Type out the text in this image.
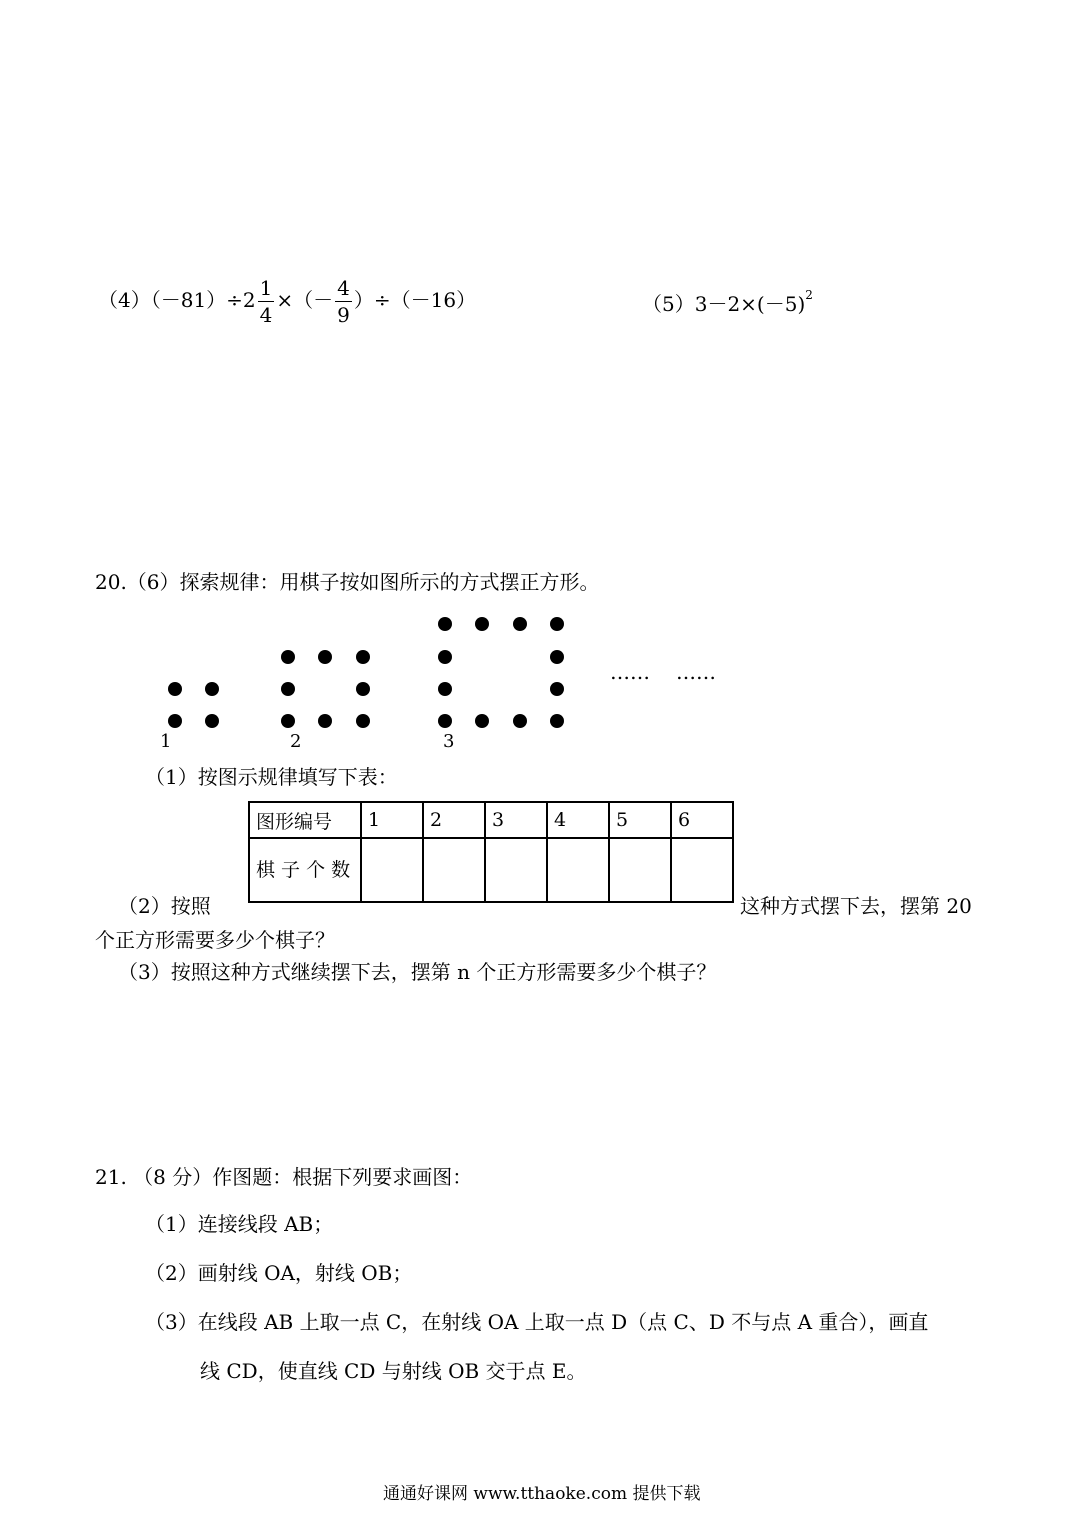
$(4)(-81)\div 2 \frac{1}{4}$ ×（－ $\frac{4}{9} )\div(-16)$	$(5)3-2\times(-5)^2$
20.（6）探索规律：用棋子按如图所示的方式摆正方形。
1	2	3
…… ……
（1）按图示规律填写下表：
图形编号	1	2	3	4	5	6
棋 子 个 数						
（2）按照	这种方式摆下去，摆第 20
个正方形需要多少个棋子？
（3）按照这种方式继续摆下去，摆第 n 个正方形需要多少个棋子？
21. （8 分）作图题：根据下列要求画图：
（1）连接线段 AB；
（2）画射线 OA，射线 OB；
（3）在线段 AB 上取一点 C，在射线 OA 上取一点 D（点 C、D 不与点 A 重合），画直
线 CD，使直线 CD 与射线 OB 交于点 E。
通通好课网 www.tthaoke.com 提供下载
